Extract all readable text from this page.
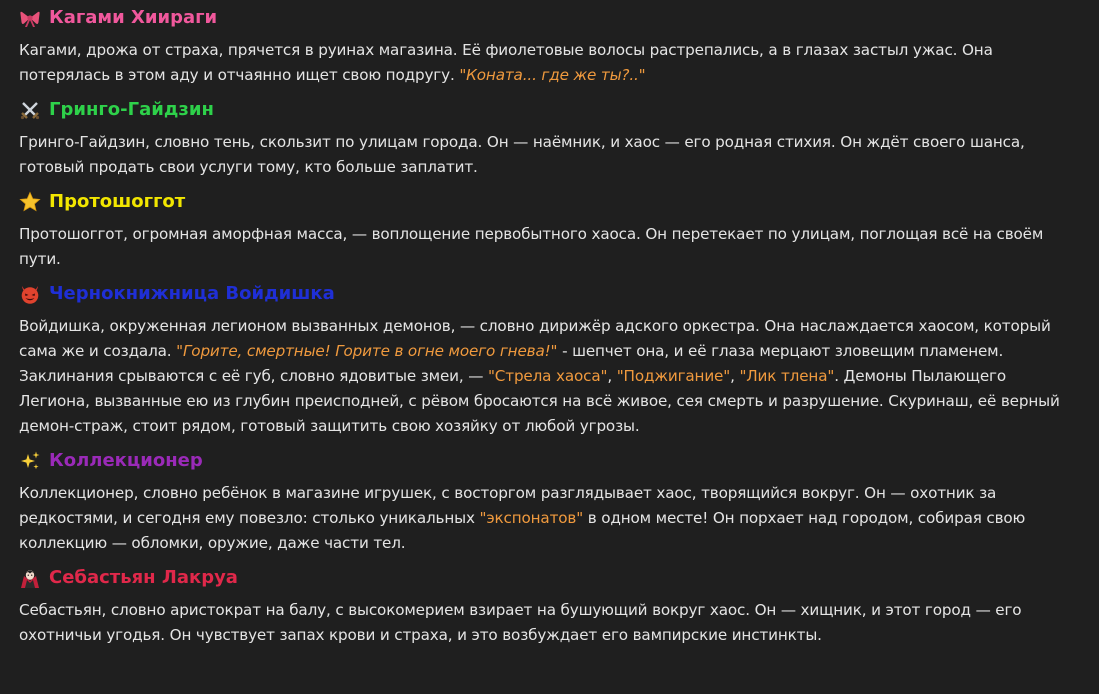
Кагами Хиираги

Кагами, дрожа от страха, прячется в руинах магазина. Её фиолетовые волосы растрепались, а в глазах застыл ужас. Она потерялась в этом аду и отчаянно ищет свою подругу. "Коната... где же ты?.."

Гринго-Гайдзин

Гринго-Гайдзин, словно тень, скользит по улицам города. Он — наёмник, и хаос — его родная стихия. Он ждёт своего шанса, готовый продать свои услуги тому, кто больше заплатит.

Протошоггот

Протошоггот, огромная аморфная масса, — воплощение первобытного хаоса. Он перетекает по улицам, поглощая всё на своём пути.

Чернокнижница Войдишка

Войдишка, окруженная легионом вызванных демонов, — словно дирижёр адского оркестра. Она наслаждается хаосом, который сама же и создала. "Горите, смертные! Горите в огне моего гнева!" - шепчет она, и её глаза мерцают зловещим пламенем. Заклинания срываются с её губ, словно ядовитые змеи, — "Стрела хаоса", "Поджигание", "Лик тлена". Демоны Пылающего Легиона, вызванные ею из глубин преисподней, с рёвом бросаются на всё живое, сея смерть и разрушение. Скуринаш, её верный демон-страж, стоит рядом, готовый защитить свою хозяйку от любой угрозы.

Коллекционер

Коллекционер, словно ребёнок в магазине игрушек, с восторгом разглядывает хаос, творящийся вокруг. Он — охотник за редкостями, и сегодня ему повезло: столько уникальных "экспонатов" в одном месте! Он порхает над городом, собирая свою коллекцию — обломки, оружие, даже части тел.

Себастьян Лакруа

Себастьян, словно аристократ на балу, с высокомерием взирает на бушующий вокруг хаос. Он — хищник, и этот город — его охотничьи угодья. Он чувствует запах крови и страха, и это возбуждает его вампирские инстинкты.
